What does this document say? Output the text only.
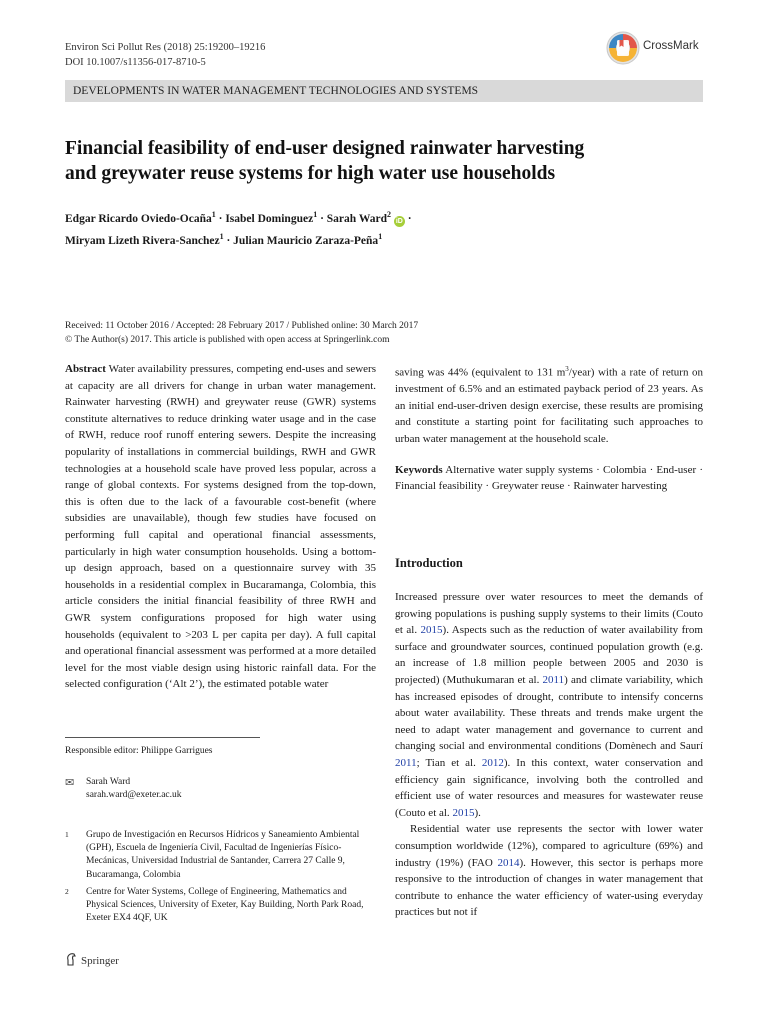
Environ Sci Pollut Res (2018) 25:19200–19216
DOI 10.1007/s11356-017-8710-5
CrossMark
DEVELOPMENTS IN WATER MANAGEMENT TECHNOLOGIES AND SYSTEMS
Financial feasibility of end-user designed rainwater harvesting
and greywater reuse systems for high water use households
Edgar Ricardo Oviedo-Ocaña$^1$ · Isabel Dominguez$^1$ · Sarah Ward$^2$ iD ·
Miryam Lizeth Rivera-Sanchez$^1$ · Julian Mauricio Zaraza-Peña$^1$
Received: 11 October 2016 / Accepted: 28 February 2017 / Published online: 30 March 2017
© The Author(s) 2017. This article is published with open access at Springerlink.com

Abstract Water availability pressures, competing end-uses and sewers at capacity are all drivers for change in urban water management. Rainwater harvesting (RWH) and greywater reuse (GWR) systems constitute alternatives to reduce drinking water usage and in the case of RWH, reduce roof runoff entering sewers. Despite the increasing popularity of installations in commercial buildings, RWH and GWR technologies at a household scale have proved less popular, across a range of global contexts. For systems designed from the top-down, this is often due to the lack of a favourable cost-benefit (where subsidies are unavailable), though few studies have focused on performing full capital and operational financial assessments, particularly in high water consumption households. Using a bottom-up design approach, based on a questionnaire survey with 35 households in a residential complex in Bucaramanga, Colombia, this article considers the initial financial feasibility of three RWH and GWR system configurations proposed for high water using households (equivalent to >203 L per capita per day). A full capital and operational financial assessment was performed at a more detailed level for the most viable design using historic rainfall data. For the selected configuration (‘Alt 2’), the estimated potable water

saving was 44% (equivalent to 131 $m^3/year$) with a rate of return on investment of 6.5% and an estimated payback period of 23 years. As an initial end-user-driven design exercise, these results are promising and constitute a starting point for facilitating such approaches to urban water management at the household scale.

Keywords Alternative water supply systems · Colombia · End-user · Financial feasibility · Greywater reuse · Rainwater harvesting

Introduction

Increased pressure over water resources to meet the demands of growing populations is pushing supply systems to their limits (Couto et al. 2015). Aspects such as the reduction of water availability from surface and groundwater sources, continued population growth (e.g. an increase of 1.8 million people between 2005 and 2030 is projected) (Muthukumaran et al. 2011) and climate variability, which has increased episodes of drought, contribute to intensify concerns about water availability. These threats and trends make urgent the need to adapt water management and governance to current and changing social and environmental conditions (Domènech and Saurí 2011; Tian et al. 2012). In this context, water conservation and efficiency gain significance, involving both the controlled and efficient use of water resources and measures for wastewater reuse (Couto et al. 2015).

Residential water use represents the sector with lower water consumption worldwide (12%), compared to agriculture (69%) and industry (19%) (FAO 2014). However, this sector is perhaps more responsive to the introduction of changes in water management that contribute to enhance the water efficiency of water-using everyday practices but not if

Responsible editor: Philippe Garrigues
✉ Sarah Ward
sarah.ward@exeter.ac.uk
1 Grupo de Investigación en Recursos Hídricos y Saneamiento Ambiental (GPH), Escuela de Ingeniería Civil, Facultad de Ingenierías Físico-Mecánicas, Universidad Industrial de Santander, Carrera 27 Calle 9, Bucaramanga, Colombia
2 Centre for Water Systems, College of Engineering, Mathematics and Physical Sciences, University of Exeter, Kay Building, North Park Road, Exeter EX4 4QF, UK
Springer
